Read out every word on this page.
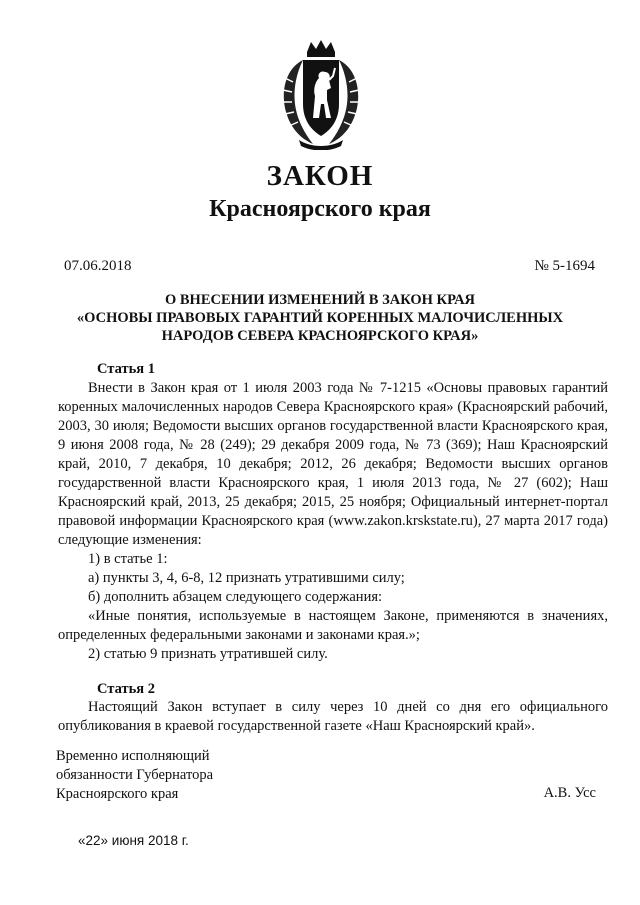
ЗАКОН
Красноярского края
07.06.2018	№ 5-1694
О ВНЕСЕНИИ ИЗМЕНЕНИЙ В ЗАКОН КРАЯ
«ОСНОВЫ ПРАВОВЫХ ГАРАНТИЙ КОРЕННЫХ МАЛОЧИСЛЕННЫХ
НАРОДОВ СЕВЕРА КРАСНОЯРСКОГО КРАЯ»
Статья 1

Внести в Закон края от 1 июля 2003 года № 7-1215 «Основы правовых гарантий коренных малочисленных народов Севера Красноярского края» (Красноярский рабочий, 2003, 30 июля; Ведомости высших органов государственной власти Красноярского края, 9 июня 2008 года, № 28 (249); 29 декабря 2009 года, № 73 (369); Наш Красноярский край, 2010, 7 декабря, 10 декабря; 2012, 26 декабря; Ведомости высших органов государственной власти Красноярского края, 1 июля 2013 года, № 27 (602); Наш Красноярский край, 2013, 25 декабря; 2015, 25 ноября; Официальный интернет-портал правовой информации Красноярского края (www.zakon.krskstate.ru), 27 марта 2017 года) следующие изменения:

1) в статье 1:

а) пункты 3, 4, 6-8, 12 признать утратившими силу;

б) дополнить абзацем следующего содержания:

«Иные понятия, используемые в настоящем Законе, применяются в значениях, определенных федеральными законами и законами края.»;

2) статью 9 признать утратившей силу.

Статья 2

Настоящий Закон вступает в силу через 10 дней со дня его официального опубликования в краевой государственной газете «Наш Красноярский край».

Временно исполняющий
обязанности Губернатора
Красноярского края	А.В. Усс
«22» июня 2018 г.
